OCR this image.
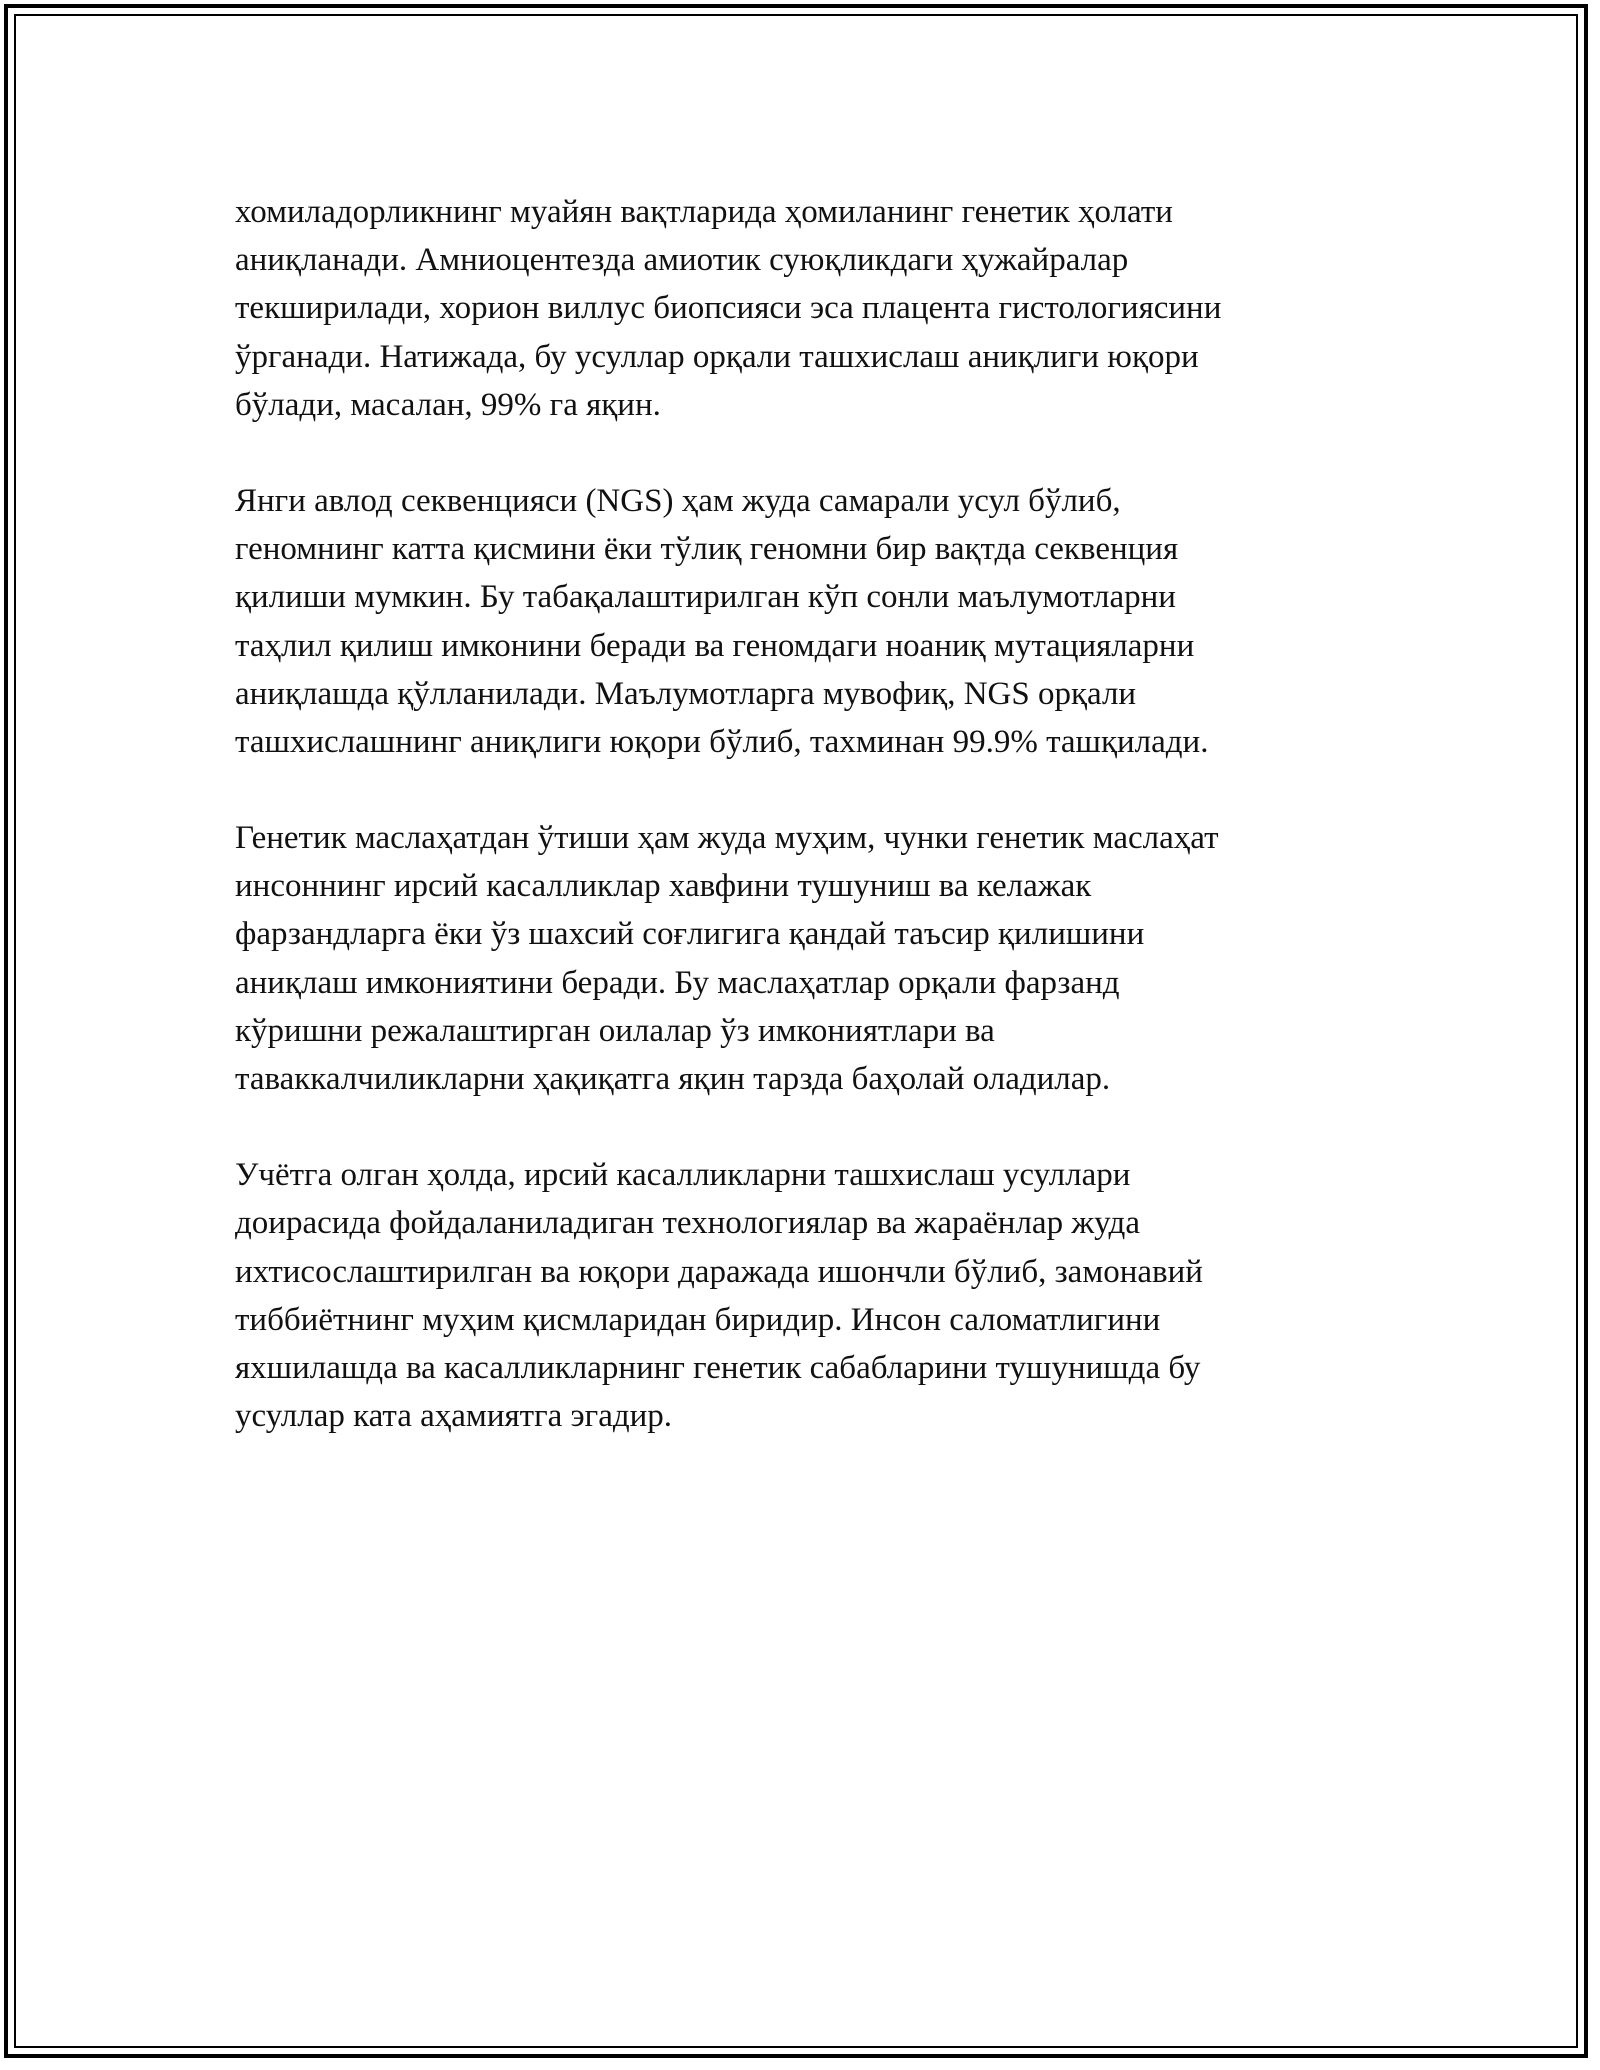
хомиладорликнинг муайян вақтларида ҳомиланинг генетик ҳолати
аниқланади. Амниоцентезда амиотик суюқликдаги ҳужайралар
текширилади, хорион виллус биопсияси эса плацента гистологиясини
ўрганади. Натижада, бу усуллар орқали ташхислаш аниқлиги юқори
бўлади, масалан, 99% га яқин.

Янги авлод секвенцияси (NGS) ҳам жуда самарали усул бўлиб,
геномнинг катта қисмини ёки тўлиқ геномни бир вақтда секвенция
қилиши мумкин. Бу табақалаштирилган кўп сонли маълумотларни
таҳлил қилиш имконини беради ва геномдаги ноаниқ мутацияларни
аниқлашда қўлланилади. Маълумотларга мувофиқ, NGS орқали
ташхислашнинг аниқлиги юқори бўлиб, тахминан 99.9% ташқилади.

Генетик маслаҳатдан ўтиши ҳам жуда муҳим, чунки генетик маслаҳат
инсоннинг ирсий касалликлар хавфини тушуниш ва келажак
фарзандларга ёки ўз шахсий соғлигига қандай таъсир қилишини
аниқлаш имкониятини беради. Бу маслаҳатлар орқали фарзанд
кўришни режалаштирган оилалар ўз имкониятлари ва
таваккалчиликларни ҳақиқатга яқин тарзда баҳолай оладилар.

Учётга олган ҳолда, ирсий касалликларни ташхислаш усуллари
доирасида фойдаланиладиган технологиялар ва жараёнлар жуда
ихтисослаштирилган ва юқори даражада ишончли бўлиб, замонавий
тиббиётнинг муҳим қисмларидан биридир. Инсон саломатлигини
яхшилашда ва касалликларнинг генетик сабабларини тушунишда бу
усуллар ката аҳамиятга эгадир.
